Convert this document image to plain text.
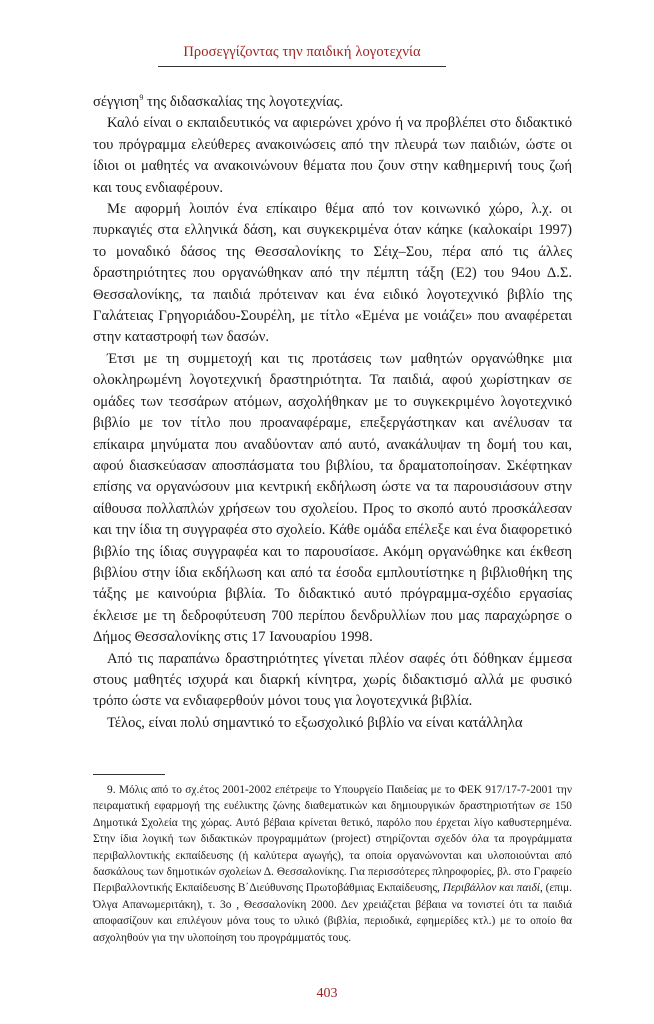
Προσεγγίζοντας την παιδική λογοτεχνία

σέγγιση$^9$ της διδασκαλίας της λογοτεχνίας.

Καλό είναι ο εκπαιδευτικός να αφιερώνει χρόνο ή να προβλέπει στο διδακτικό του πρόγραμμα ελεύθερες ανακοινώσεις από την πλευρά των παιδιών, ώστε οι ίδιοι οι μαθητές να ανακοινώνουν θέματα που ζουν στην καθημερινή τους ζωή και τους ενδιαφέρουν.

Με αφορμή λοιπόν ένα επίκαιρο θέμα από τον κοινωνικό χώρο, λ.χ. οι πυρκαγιές στα ελληνικά δάση, και συγκεκριμένα όταν κάηκε (καλοκαίρι 1997) το μοναδικό δάσος της Θεσσαλονίκης το Σέιχ–Σου, πέρα από τις άλλες δραστηριότητες που οργανώθηκαν από την πέμπτη τάξη (Ε2) του 94ου Δ.Σ. Θεσσαλονίκης, τα παιδιά πρότειναν και ένα ειδικό λογοτεχνικό βιβλίο της Γαλάτειας Γρηγοριάδου-Σουρέλη, με τίτλο «Εμένα με νοιάζει» που αναφέρεται στην καταστροφή των δασών.

Έτσι με τη συμμετοχή και τις προτάσεις των μαθητών οργανώθηκε μια ολοκληρωμένη λογοτεχνική δραστηριότητα. Τα παιδιά, αφού χωρίστηκαν σε ομάδες των τεσσάρων ατόμων, ασχολήθηκαν με το συγκεκριμένο λογοτεχνικό βιβλίο με τον τίτλο που προαναφέραμε, επεξεργάστηκαν και ανέλυσαν τα επίκαιρα μηνύματα που αναδύονταν από αυτό, ανακάλυψαν τη δομή του και, αφού διασκεύασαν αποσπάσματα του βιβλίου, τα δραματοποίησαν. Σκέφτηκαν επίσης να οργανώσουν μια κεντρική εκδήλωση ώστε να τα παρουσιάσουν στην αίθουσα πολλαπλών χρήσεων του σχολείου. Προς το σκοπό αυτό προσκάλεσαν και την ίδια τη συγγραφέα στο σχολείο. Κάθε ομάδα επέλεξε και ένα διαφορετικό βιβλίο της ίδιας συγγραφέα και το παρουσίασε. Ακόμη οργανώθηκε και έκθεση βιβλίου στην ίδια εκδήλωση και από τα έσοδα εμπλουτίστηκε η βιβλιοθήκη της τάξης με καινούρια βιβλία. Το διδακτικό αυτό πρόγραμμα-σχέδιο εργασίας έκλεισε με τη δεδροφύτευση 700 περίπου δενδρυλλίων που μας παραχώρησε ο Δήμος Θεσσαλονίκης στις 17 Ιανουαρίου 1998.

Από τις παραπάνω δραστηριότητες γίνεται πλέον σαφές ότι δόθηκαν έμμεσα στους μαθητές ισχυρά και διαρκή κίνητρα, χωρίς διδακτισμό αλλά με φυσικό τρόπο ώστε να ενδιαφερθούν μόνοι τους για λογοτεχνικά βιβλία.

Τέλος, είναι πολύ σημαντικό το εξωσχολικό βιβλίο να είναι κατάλληλα

9. Μόλις από το σχ.έτος 2001-2002 επέτρεψε το Υπουργείο Παιδείας με το ΦΕΚ 917/17-7-2001 την πειραματική εφαρμογή της ευέλικτης ζώνης διαθεματικών και δημιουργικών δραστηριοτήτων σε 150 Δημοτικά Σχολεία της χώρας. Αυτό βέβαια κρίνεται θετικό, παρόλο που έρχεται λίγο καθυστερημένα. Στην ίδια λογική των διδακτικών προγραμμάτων (project) στηρίζονται σχεδόν όλα τα προγράμματα περιβαλλοντικής εκπαίδευσης (ή καλύτερα αγωγής), τα οποία οργανώνονται και υλοποιούνται από δασκάλους των δημοτικών σχολείων Δ. Θεσσαλονίκης. Για περισσότερες πληροφορίες, βλ. στο Γραφείο Περιβαλλοντικής Εκπαίδευσης Β΄Διεύθυνσης Πρωτοβάθμιας Εκπαίδευσης, Περιβάλλον και παιδί, (επιμ. Όλγα Απανωμεριτάκη), τ. 3ο , Θεσσαλονίκη 2000. Δεν χρειάζεται βέβαια να τονιστεί ότι τα παιδιά αποφασίζουν και επιλέγουν μόνα τους το υλικό (βιβλία, περιοδικά, εφημερίδες κτλ.) με το οποίο θα ασχοληθούν για την υλοποίηση του προγράμματός τους.

403
